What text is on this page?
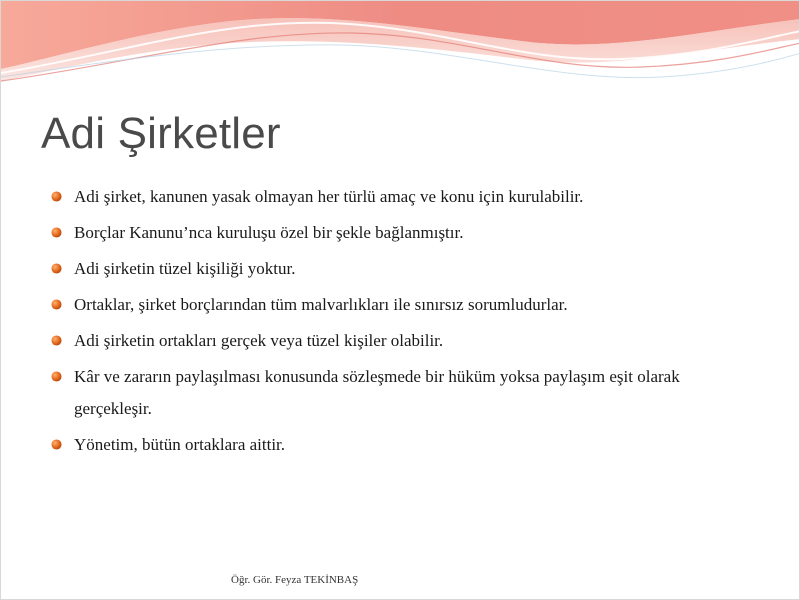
Adi Şirketler
Adi şirket, kanunen yasak olmayan her türlü amaç ve konu için kurulabilir.
Borçlar Kanunu’nca kuruluşu özel bir şekle bağlanmıştır.
Adi şirketin tüzel kişiliği yoktur.
Ortaklar, şirket borçlarından tüm malvarlıkları ile sınırsız sorumludurlar.
Adi şirketin ortakları gerçek veya tüzel kişiler olabilir.
Kâr ve zararın paylaşılması konusunda sözleşmede bir hüküm yoksa paylaşım eşit olarak gerçekleşir.
Yönetim, bütün ortaklara aittir.

Öğr. Gör. Feyza TEKİNBAŞ
